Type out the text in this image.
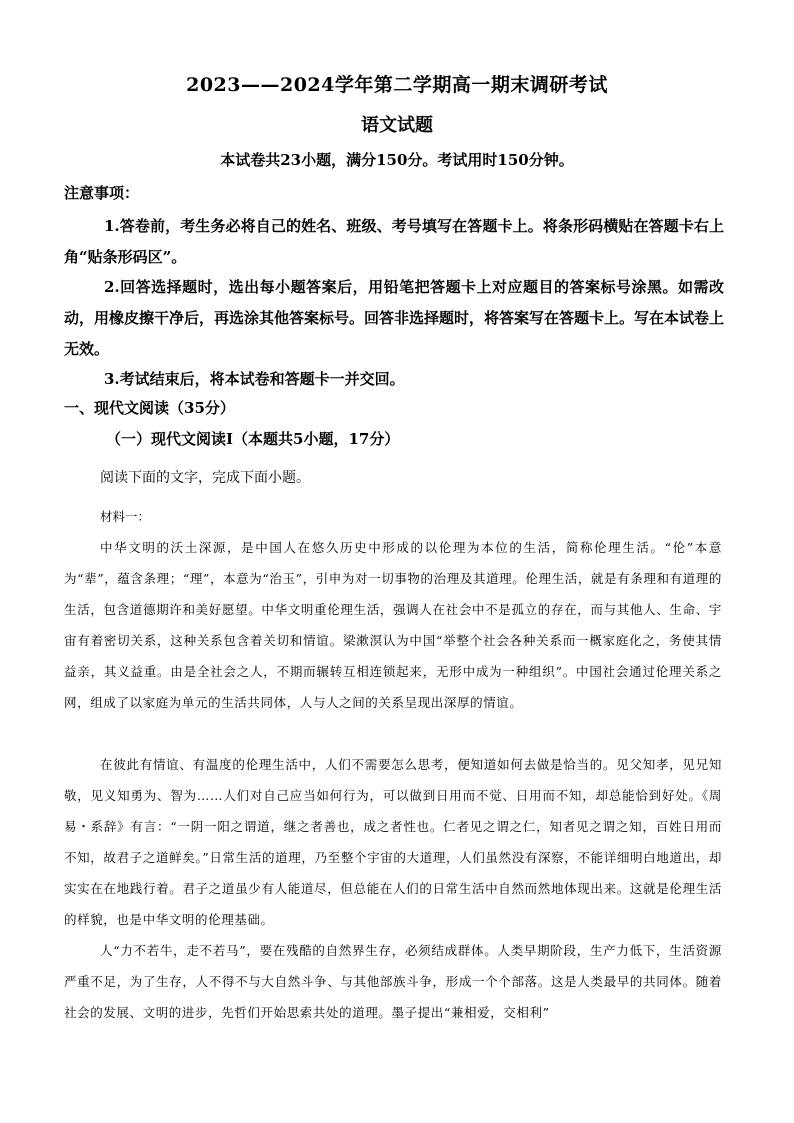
2023——2024学年第二学期高一期末调研考试
语文试题
本试卷共23小题，满分150分。考试用时150分钟。
注意事项：

1.答卷前，考生务必将自己的姓名、班级、考号填写在答题卡上。将条形码横贴在答题卡右上角“贴条形码区”。

2.回答选择题时，选出每小题答案后，用铅笔把答题卡上对应题目的答案标号涂黑。如需改动，用橡皮擦干净后，再选涂其他答案标号。回答非选择题时，将答案写在答题卡上。写在本试卷上无效。

3.考试结束后，将本试卷和答题卡一并交回。

一、现代文阅读（35分）
（一）现代文阅读Ⅰ（本题共5小题，17分）
阅读下面的文字，完成下面小题。
材料一：

中华文明的沃土深源，是中国人在悠久历史中形成的以伦理为本位的生活，简称伦理生活。“伦”本意为“辈”，蕴含条理；“理”，本意为“治玉”，引申为对一切事物的治理及其道理。伦理生活，就是有条理和有道理的生活，包含道德期许和美好愿望。中华文明重伦理生活，强调人在社会中不是孤立的存在，而与其他人、生命、宇宙有着密切关系，这种关系包含着关切和情谊。梁漱溟认为中国“举整个社会各种关系而一概家庭化之，务使其情益亲，其义益重。由是全社会之人，不期而辗转互相连锁起来，无形中成为一种组织”。中国社会通过伦理关系之网，组成了以家庭为单元的生活共同体，人与人之间的关系呈现出深厚的情谊。

在彼此有情谊、有温度的伦理生活中，人们不需要怎么思考，便知道如何去做是恰当的。见父知孝，见兄知敬，见义知勇为、智为……人们对自己应当如何行为，可以做到日用而不觉、日用而不知，却总能恰到好处。《周易・系辞》有言：“一阴一阳之谓道，继之者善也，成之者性也。仁者见之谓之仁，知者见之谓之知，百姓日用而不知，故君子之道鲜矣。”日常生活的道理，乃至整个宇宙的大道理，人们虽然没有深察，不能详细明白地道出，却实实在在地践行着。君子之道虽少有人能道尽，但总能在人们的日常生活中自然而然地体现出来。这就是伦理生活的样貌，也是中华文明的伦理基础。

人“力不若牛，走不若马”，要在残酷的自然界生存，必须结成群体。人类早期阶段，生产力低下，生活资源严重不足，为了生存，人不得不与大自然斗争、与其他部族斗争，形成一个个部落。这是人类最早的共同体。随着社会的发展、文明的进步，先哲们开始思索共处的道理。墨子提出“兼相爱，交相利”
